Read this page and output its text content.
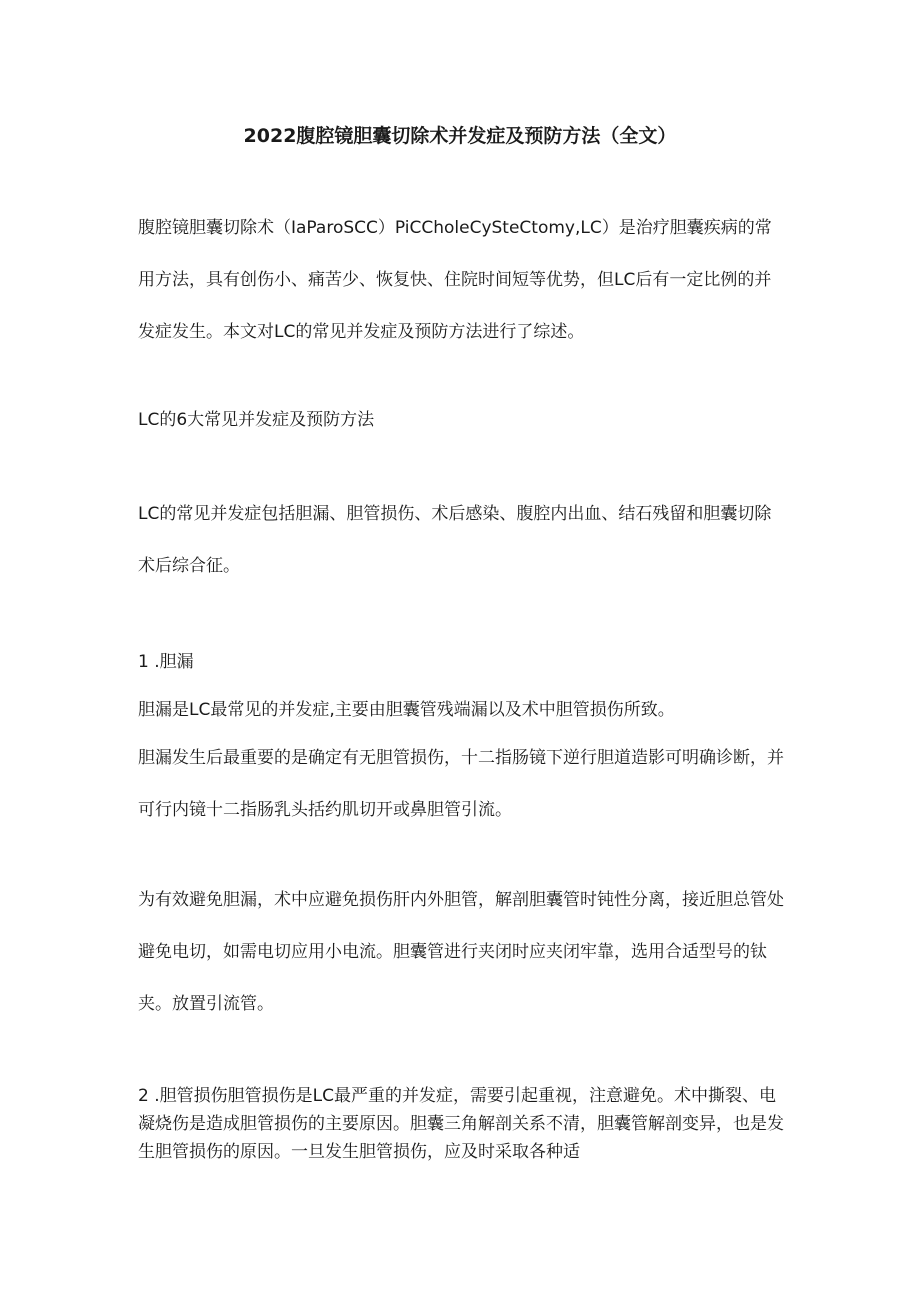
2022腹腔镜胆囊切除术并发症及预防方法（全文）

腹腔镜胆囊切除术（IaParoSCC）PiCCholeCySteCtomy,LC）是治疗胆囊疾病的常用方法，具有创伤小、痛苦少、恢复快、住院时间短等优势，但LC后有一定比例的并发症发生。本文对LC的常见并发症及预防方法进行了综述。

LC的6大常见并发症及预防方法

LC的常见并发症包括胆漏、胆管损伤、术后感染、腹腔内出血、结石残留和胆囊切除术后综合征。

1 .胆漏

胆漏是LC最常见的并发症,主要由胆囊管残端漏以及术中胆管损伤所致。

胆漏发生后最重要的是确定有无胆管损伤，十二指肠镜下逆行胆道造影可明确诊断，并可行内镜十二指肠乳头括约肌切开或鼻胆管引流。

为有效避免胆漏，术中应避免损伤肝内外胆管，解剖胆囊管时钝性分离，接近胆总管处避免电切，如需电切应用小电流。胆囊管进行夹闭时应夹闭牢靠，选用合适型号的钛夹。放置引流管。

2 .胆管损伤胆管损伤是LC最严重的并发症，需要引起重视，注意避免。术中撕裂、电凝烧伤是造成胆管损伤的主要原因。胆囊三角解剖关系不清，胆囊管解剖变异，也是发生胆管损伤的原因。一旦发生胆管损伤，应及时采取各种适
